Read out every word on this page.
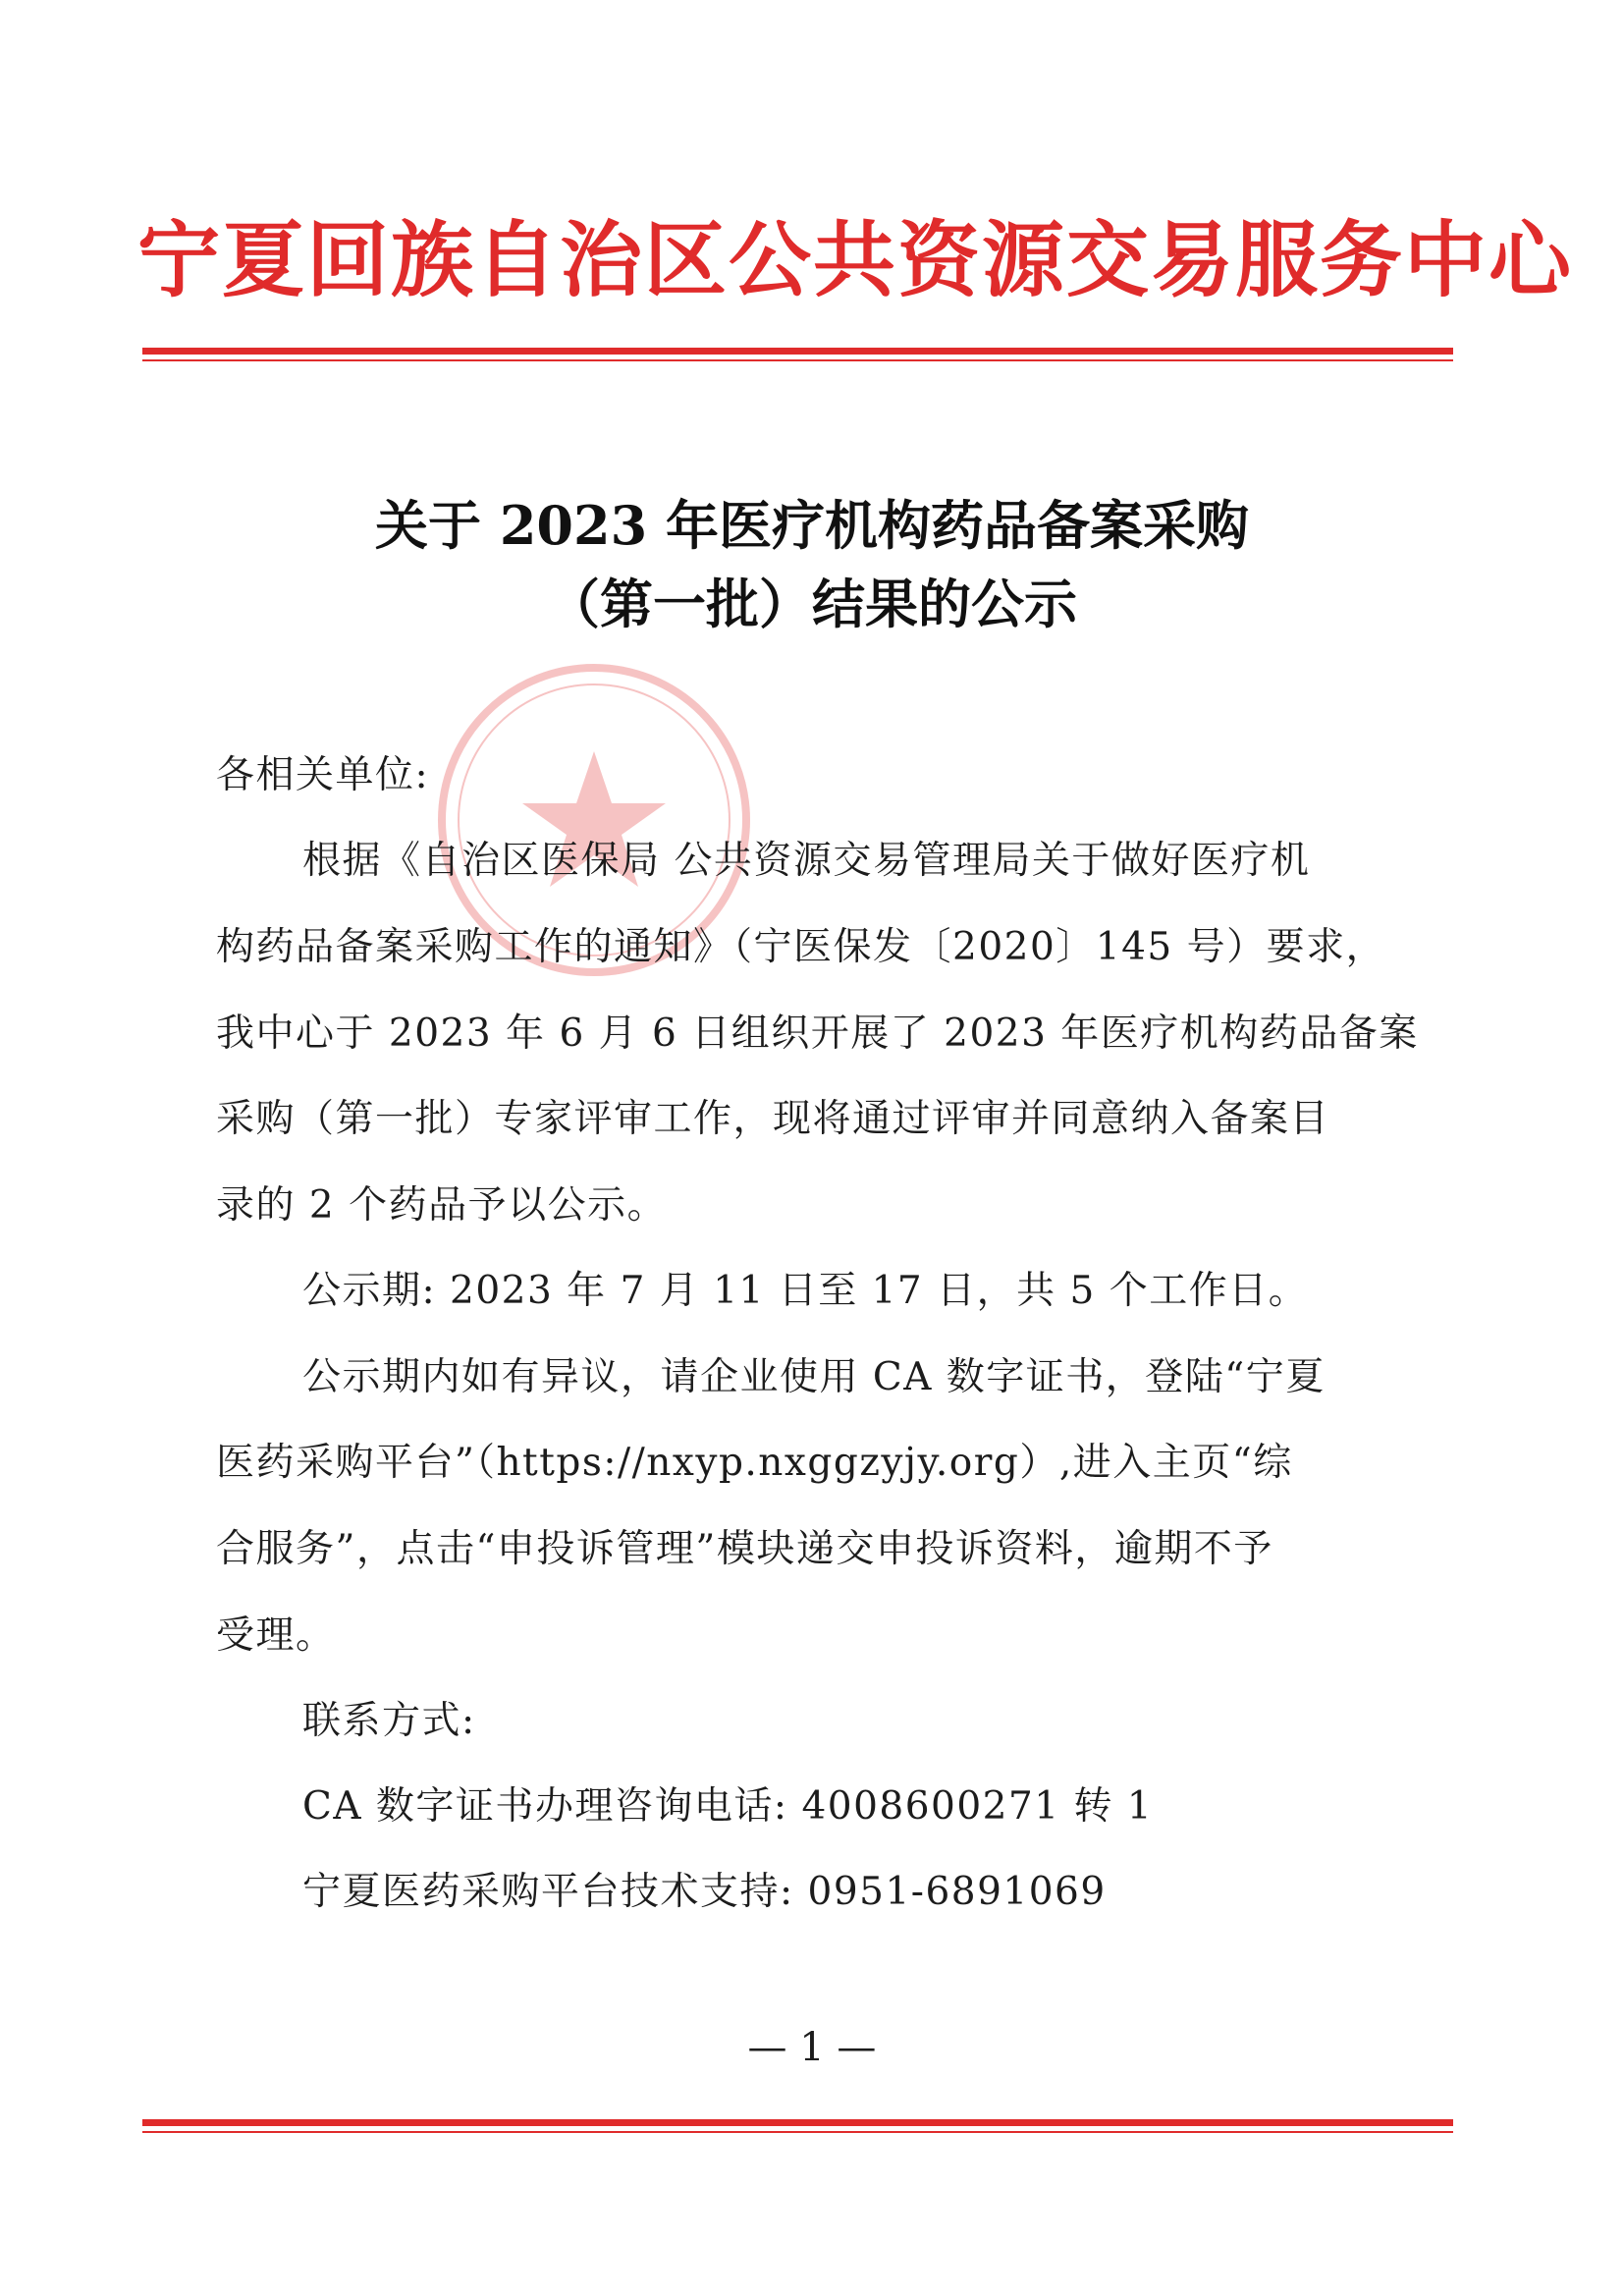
宁夏回族自治区公共资源交易服务中心
关于 2023 年医疗机构药品备案采购
（第一批）结果的公示
各相关单位:
根据《自治区医保局 公共资源交易管理局关于做好医疗机
构药品备案采购工作的通知》（宁医保发〔2020〕145 号）要求，
我中心于 2023 年 6 月 6 日组织开展了 2023 年医疗机构药品备案
采购（第一批）专家评审工作，现将通过评审并同意纳入备案目
录的 2 个药品予以公示。
公示期: 2023 年 7 月 11 日至 17 日，共 5 个工作日。
公示期内如有异议，请企业使用 CA 数字证书，登陆“宁夏
医药采购平台”（https://nxyp.nxggzyjy.org）,进入主页“综
合服务”，点击“申投诉管理”模块递交申投诉资料，逾期不予
受理。
联系方式:
CA 数字证书办理咨询电话: 4008600271 转 1
宁夏医药采购平台技术支持: 0951-6891069
— 1 —
